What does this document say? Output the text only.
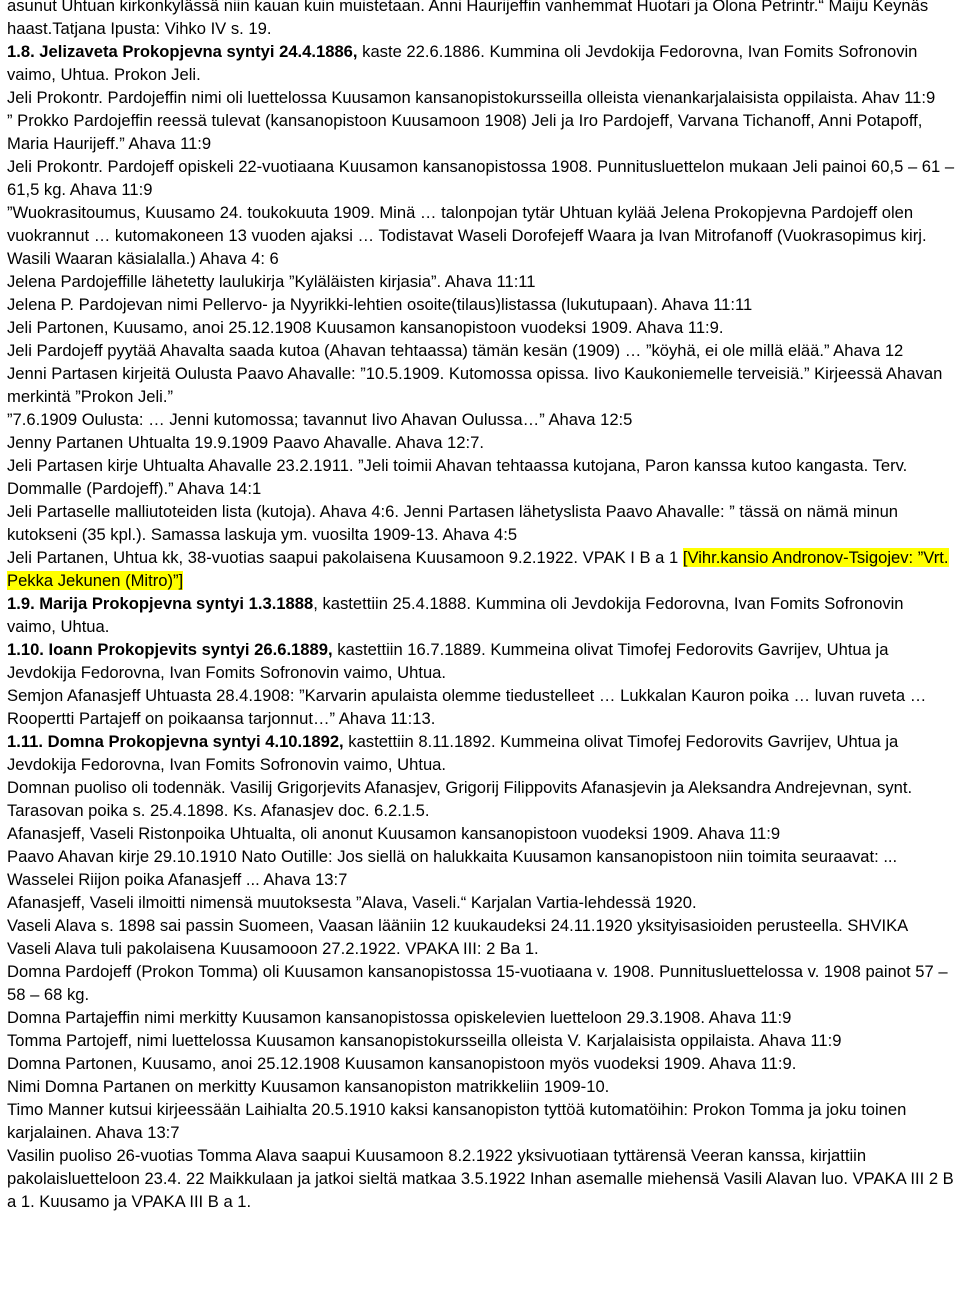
asunut Uhtuan kirkonkylässä niin kauan kuin muistetaan. Anni Haurijeffin vanhemmat Huotari ja Olona Petrintr.“ Maiju Keynäs haast.Tatjana Ipusta: Vihko IV s. 19.

1.8. Jelizaveta Prokopjevna syntyi 24.4.1886, kaste 22.6.1886. Kummina oli Jevdokija Fedorovna, Ivan Fomits Sofronovin vaimo, Uhtua. Prokon Jeli.

Jeli Prokontr. Pardojeffin nimi oli luettelossa Kuusamon kansanopistokursseilla olleista vienankarjalaisista oppilaista. Ahav 11:9

” Prokko Pardojeffin reessä tulevat (kansanopistoon Kuusamoon 1908) Jeli ja Iro Pardojeff, Varvana Tichanoff, Anni Potapoff, Maria Haurijeff.” Ahava 11:9

Jeli Prokontr. Pardojeff opiskeli 22-vuotiaana Kuusamon kansanopistossa 1908. Punnitusluettelon mukaan Jeli painoi 60,5 – 61 – 61,5 kg. Ahava 11:9

”Wuokrasitoumus, Kuusamo 24. toukokuuta 1909. Minä … talonpojan tytär Uhtuan kylää Jelena Prokopjevna Pardojeff olen vuokrannut … kutomakoneen 13 vuoden ajaksi … Todistavat Waseli Dorofejeff Waara ja Ivan Mitrofanoff (Vuokrasopimus kirj. Wasili Waaran käsialalla.) Ahava 4: 6

Jelena Pardojeffille lähetetty laulukirja ”Kyläläisten kirjasia”. Ahava 11:11

Jelena P. Pardojevan nimi Pellervo- ja Nyyrikki-lehtien osoite(tilaus)listassa (lukutupaan). Ahava 11:11

Jeli Partonen, Kuusamo, anoi 25.12.1908 Kuusamon kansanopistoon vuodeksi 1909. Ahava 11:9.

Jeli Pardojeff pyytää Ahavalta saada kutoa (Ahavan tehtaassa) tämän kesän (1909) … ”köyhä, ei ole millä elää.” Ahava 12

Jenni Partasen kirjeitä Oulusta Paavo Ahavalle: ”10.5.1909. Kutomossa opissa. Iivo Kaukoniemelle terveisiä.” Kirjeessä Ahavan merkintä ”Prokon Jeli.”

”7.6.1909 Oulusta: … Jenni kutomossa; tavannut Iivo Ahavan Oulussa…” Ahava 12:5

Jenny Partanen Uhtualta 19.9.1909 Paavo Ahavalle. Ahava 12:7.

Jeli Partasen kirje Uhtualta Ahavalle 23.2.1911. ”Jeli toimii Ahavan tehtaassa kutojana, Paron kanssa kutoo kangasta. Terv. Dommalle (Pardojeff).” Ahava 14:1

Jeli Partaselle malliutoteiden lista (kutoja). Ahava 4:6. Jenni Partasen lähetyslista Paavo Ahavalle: ” tässä on nämä minun kutokseni (35 kpl.). Samassa laskuja ym. vuosilta 1909-13. Ahava 4:5

Jeli Partanen, Uhtua kk, 38-vuotias saapui pakolaisena Kuusamoon 9.2.1922. VPAK I B a 1 [Vihr.kansio Andronov-Tsigojev: ”Vrt. Pekka Jekunen (Mitro)”]

1.9. Marija Prokopjevna syntyi 1.3.1888, kastettiin 25.4.1888. Kummina oli Jevdokija Fedorovna, Ivan Fomits Sofronovin vaimo, Uhtua.

1.10. Ioann Prokopjevits syntyi 26.6.1889, kastettiin 16.7.1889. Kummeina olivat Timofej Fedorovits Gavrijev, Uhtua ja Jevdokija Fedorovna, Ivan Fomits Sofronovin vaimo, Uhtua.

Semjon Afanasjeff Uhtuasta 28.4.1908: ”Karvarin apulaista olemme tiedustelleet … Lukkalan Kauron poika … luvan ruveta … Roopertti Partajeff on poikaansa tarjonnut…” Ahava 11:13.

1.11. Domna Prokopjevna syntyi 4.10.1892, kastettiin 8.11.1892. Kummeina olivat Timofej Fedorovits Gavrijev, Uhtua ja Jevdokija Fedorovna, Ivan Fomits Sofronovin vaimo, Uhtua.

Domnan puoliso oli todennäk. Vasilij Grigorjevits Afanasjev, Grigorij Filippovits Afanasjevin ja Aleksandra Andrejevnan, synt. Tarasovan poika s. 25.4.1898. Ks. Afanasjev doc. 6.2.1.5.

Afanasjeff, Vaseli Ristonpoika Uhtualta, oli anonut Kuusamon kansanopistoon vuodeksi 1909. Ahava 11:9

Paavo Ahavan kirje 29.10.1910 Nato Outille: Jos siellä on halukkaita Kuusamon kansanopistoon niin toimita seuraavat: ... Wasselei Riijon poika Afanasjeff ... Ahava 13:7

Afanasjeff, Vaseli ilmoitti nimensä muutoksesta ”Alava, Vaseli.“ Karjalan Vartia-lehdessä 1920.

Vaseli Alava s. 1898 sai passin Suomeen, Vaasan lääniin 12 kuukaudeksi 24.11.1920 yksityisasioiden perusteella. SHVIKA

Vaseli Alava tuli pakolaisena Kuusamooon 27.2.1922. VPAKA III: 2 Ba 1.

Domna Pardojeff (Prokon Tomma) oli Kuusamon kansanopistossa 15-vuotiaana v. 1908. Punnitusluettelossa v. 1908 painot 57 – 58 – 68 kg.

Domna Partajeffin nimi merkitty Kuusamon kansanopistossa opiskelevien luetteloon 29.3.1908. Ahava 11:9

Tomma Partojeff, nimi luettelossa Kuusamon kansanopistokursseilla olleista V. Karjalaisista oppilaista. Ahava 11:9

Domna Partonen, Kuusamo, anoi 25.12.1908 Kuusamon kansanopistoon myös vuodeksi 1909. Ahava 11:9.

Nimi Domna Partanen on merkitty Kuusamon kansanopiston matrikkeliin 1909-10.

Timo Manner kutsui kirjeessään Laihialta 20.5.1910 kaksi kansanopiston tyttöä kutomatöihin: Prokon Tomma ja joku toinen karjalainen. Ahava 13:7

Vasilin puoliso 26-vuotias Tomma Alava saapui Kuusamoon 8.2.1922 yksivuotiaan tyttärensä Veeran kanssa, kirjattiin pakolaisluetteloon 23.4. 22 Maikkulaan ja jatkoi sieltä matkaa 3.5.1922 Inhan asemalle miehensä Vasili Alavan luo. VPAKA III 2 B a 1. Kuusamo ja VPAKA III B a 1.
